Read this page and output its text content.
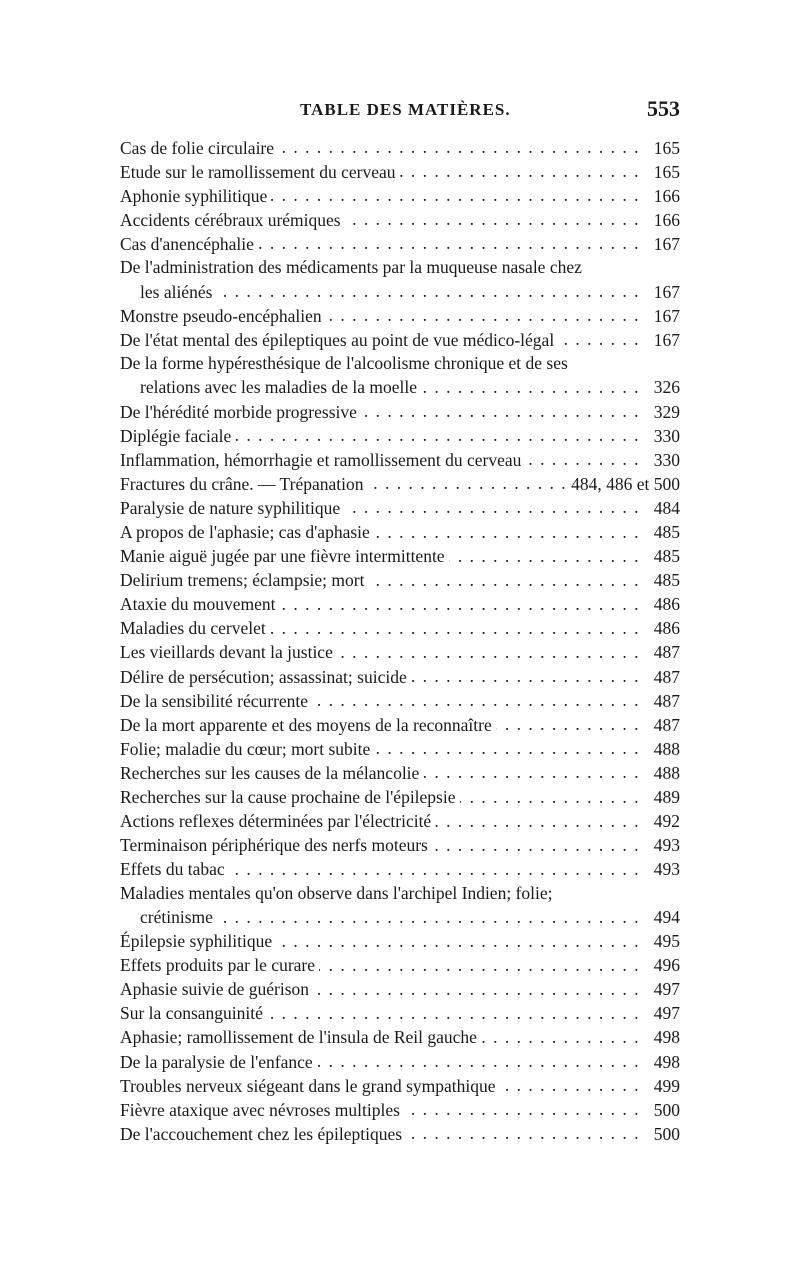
TABLE DES MATIÈRES.	553
Cas de folie circulaire . . .	165
Etude sur le ramollissement du cerveau . . .	165
Aphonie syphilitique . . .	166
Accidents cérébraux urémiques . . .	166
Cas d'anencéphalie . . .	167
De l'administration des médicaments par la muqueuse nasale chez
les aliénés . . .	167
Monstre pseudo-encéphalien . . .	167
De l'état mental des épileptiques au point de vue médico-légal . . .	167
De la forme hypéresthésique de l'alcoolisme chronique et de ses
relations avec les maladies de la moelle . . .	326
De l'hérédité morbide progressive . . .	329
Diplégie faciale . . .	330
Inflammation, hémorrhagie et ramollissement du cerveau . . .	330
Fractures du crâne. — Trépanation . . .	484, 486 et 500
Paralysie de nature syphilitique . . .	484
A propos de l'aphasie; cas d'aphasie . . .	485
Manie aiguë jugée par une fièvre intermittente . . .	485
Delirium tremens; éclampsie; mort . . .	485
Ataxie du mouvement . . .	486
Maladies du cervelet . . .	486
Les vieillards devant la justice . . .	487
Délire de persécution; assassinat; suicide . . .	487
De la sensibilité récurrente . . .	487
De la mort apparente et des moyens de la reconnaître . . .	487
Folie; maladie du cœur; mort subite . . .	488
Recherches sur les causes de la mélancolie . . .	488
Recherches sur la cause prochaine de l'épilepsie . . .	489
Actions reflexes déterminées par l'électricité . . .	492
Terminaison périphérique des nerfs moteurs . . .	493
Effets du tabac . . .	493
Maladies mentales qu'on observe dans l'archipel Indien; folie;
crétinisme . . .	494
Épilepsie syphilitique . . .	495
Effets produits par le curare . . .	496
Aphasie suivie de guérison . . .	497
Sur la consanguinité . . .	497
Aphasie; ramollissement de l'insula de Reil gauche . . .	498
De la paralysie de l'enfance . . .	498
Troubles nerveux siégeant dans le grand sympathique . . .	499
Fièvre ataxique avec névroses multiples . . .	500
De l'accouchement chez les épileptiques . . .	500
